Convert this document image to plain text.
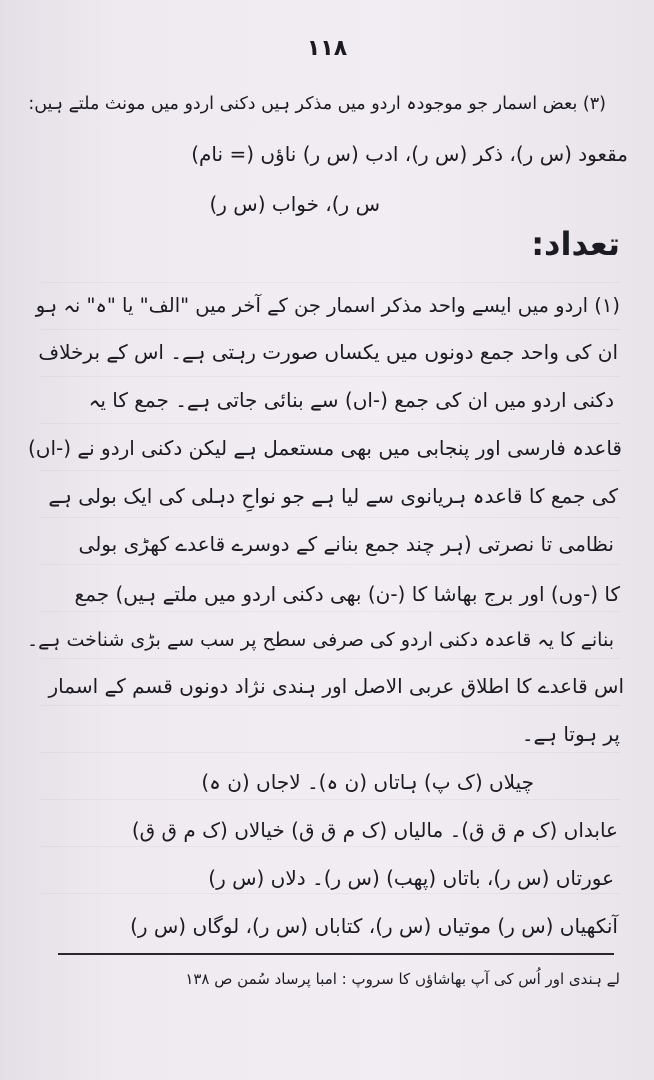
۱۱۸
(۳) بعض اسمار جو موجودہ اردو میں مذکر ہیں دکنی اردو میں مونث ملتے ہیں:
مقعود (س ر)، ذکر (س ر)، ادب (س ر) ناؤں (= نام)
س ر)، خواب (س ر)
تعداد:
(۱) اردو میں ایسے واحد مذکر اسمار جن کے آخر میں "الف" یا "ہ" نہ ہو
ان کی واحد جمع دونوں میں یکساں صورت رہتی ہے۔ اس کے برخلاف
دکنی اردو میں ان کی جمع (-اں) سے بنائی جاتی ہے۔ جمع کا یہ
قاعدہ فارسی اور پنجابی میں بھی مستعمل ہے لیکن دکنی اردو نے (-اں)
کی جمع کا قاعدہ ہریانوی سے لیا ہے جو نواحِ دہلی کی ایک بولی ہے
نظامی تا نصرتی (ہر چند جمع بنانے کے دوسرے قاعدے کھڑی بولی
کا (-وں) اور برج بھاشا کا (-ن) بھی دکنی اردو میں ملتے ہیں) جمع
بنانے کا یہ قاعدہ دکنی اردو کی صرفی سطح پر سب سے بڑی شناخت ہے۔
اس قاعدے کا اطلاق عربی الاصل اور ہندی نژاد دونوں قسم کے اسمار
پر ہوتا ہے۔
چیلاں (ک پ) ہاتاں (ن ہ)۔ لاجاں (ن ہ)
عابداں (ک م ق ق)۔ مالیاں (ک م ق ق) خیالاں (ک م ق ق)
عورتاں (س ر)، باتاں (پھب) (س ر)۔ دلاں (س ر)
آنکھیاں (س ر) موتیاں (س ر)، کتاباں (س ر)، لوگاں (س ر)
لے ہندی اور اُس کی آپ بھاشاؤں کا سروپ : امبا پرساد سُمن ص ۱۳۸
